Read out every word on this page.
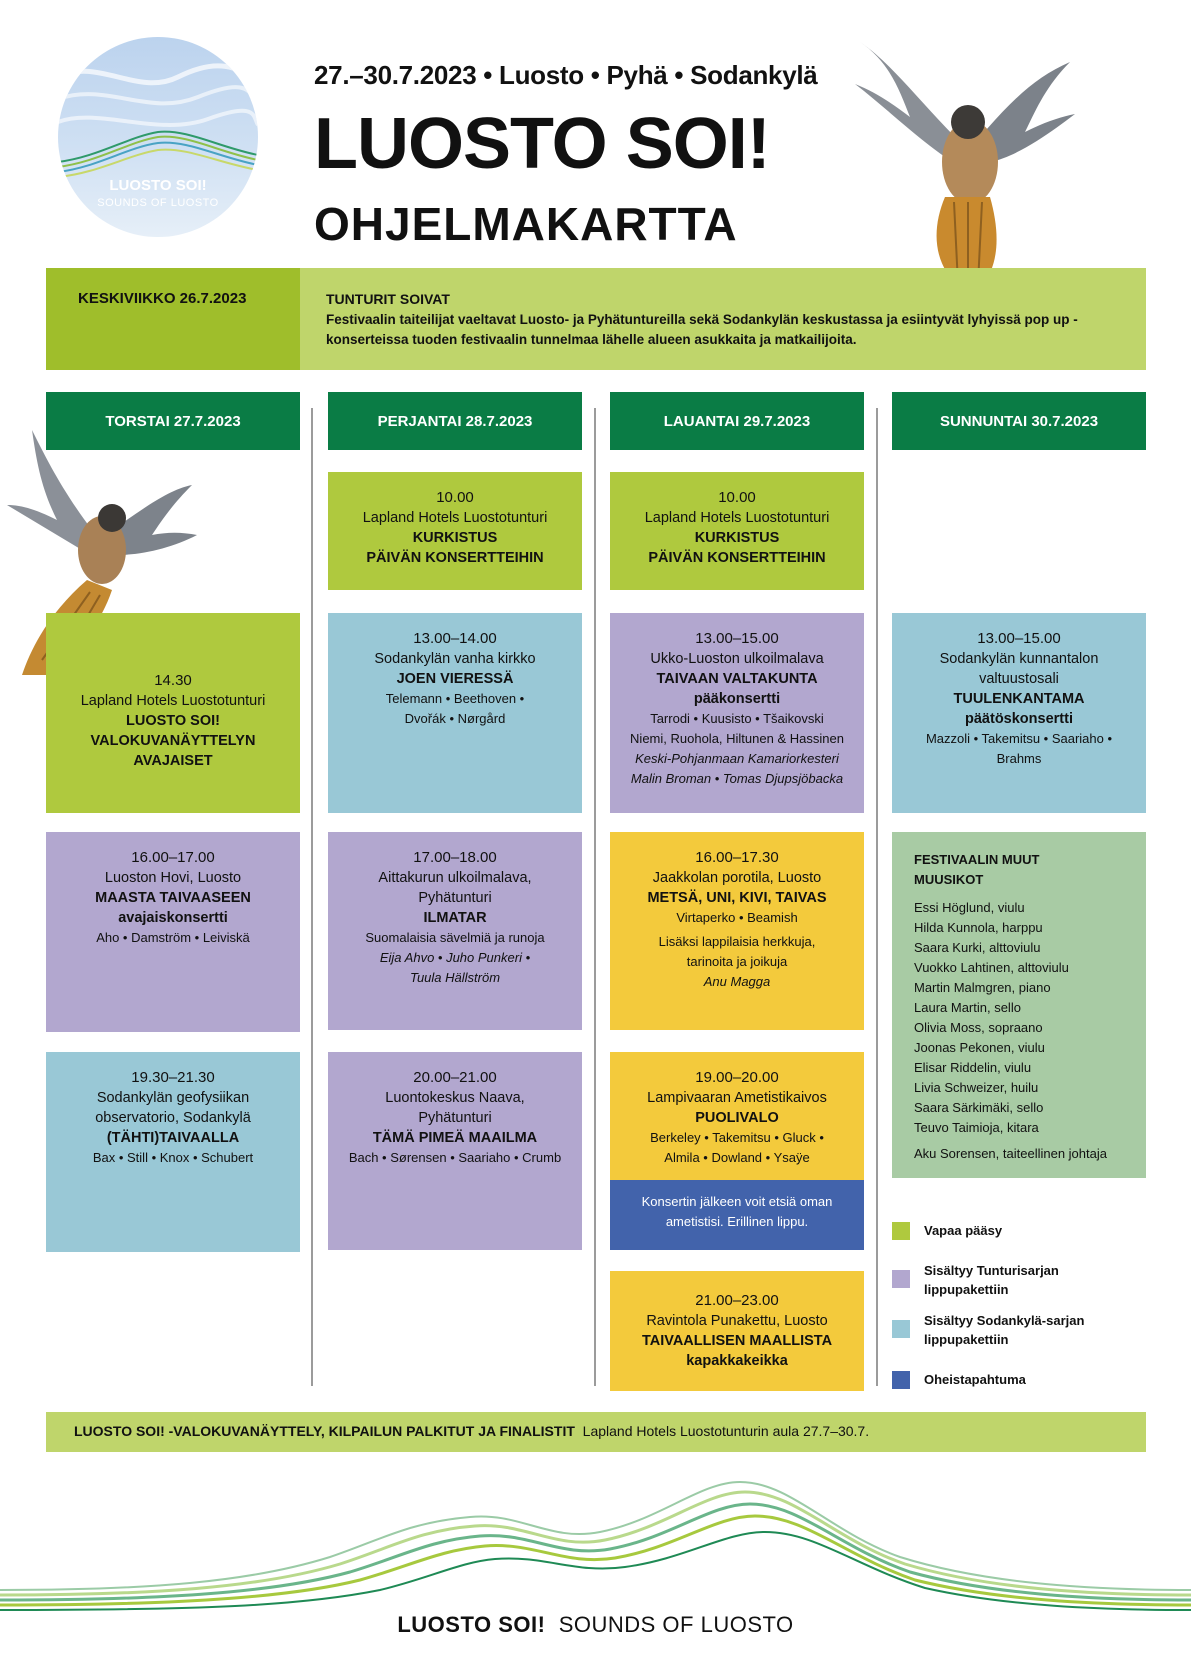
LUOSTO SOI!
SOUNDS OF LUOSTO
27.–30.7.2023 • Luosto • Pyhä • Sodankylä
LUOSTO SOI!
OHJELMAKARTTA
KESKIVIIKKO 26.7.2023	TUNTURIT SOIVAT
Festivaalin taiteilijat vaeltavat Luosto- ja Pyhätuntureilla sekä Sodankylän keskustassa ja esiintyvät lyhyissä pop up -konserteissa tuoden festivaalin tunnelmaa lähelle alueen asukkaita ja matkailijoita.
TORSTAI 27.7.2023	PERJANTAI 28.7.2023	LAUANTAI 29.7.2023	SUNNUNTAI 30.7.2023
14.30
Lapland Hotels Luostotunturi
LUOSTO SOI!
VALOKUVANÄYTTELYN
AVAJAISET
16.00–17.00
Luoston Hovi, Luosto
MAASTA TAIVAASEEN
avajaiskonsertti
Aho • Damström • Leiviskä
19.30–21.30
Sodankylän geofysiikan
observatorio, Sodankylä
(TÄHTI)TAIVAALLA
Bax • Still • Knox • Schubert
10.00
Lapland Hotels Luostotunturi
KURKISTUS
PÄIVÄN KONSERTTEIHIN
13.00–14.00
Sodankylän vanha kirkko
JOEN VIERESSÄ
Telemann • Beethoven •
Dvořák • Nørgård
17.00–18.00
Aittakurun ulkoilmalava,
Pyhätunturi
ILMATAR
Suomalaisia sävelmiä ja runoja
Eija Ahvo • Juho Punkeri •
Tuula Hällström
20.00–21.00
Luontokeskus Naava,
Pyhätunturi
TÄMÄ PIMEÄ MAAILMA
Bach • Sørensen • Saariaho • Crumb
10.00
Lapland Hotels Luostotunturi
KURKISTUS
PÄIVÄN KONSERTTEIHIN
13.00–15.00
Ukko-Luoston ulkoilmalava
TAIVAAN VALTAKUNTA
pääkonsertti
Tarrodi • Kuusisto • Tšaikovski
Niemi, Ruohola, Hiltunen & Hassinen
Keski-Pohjanmaan Kamariorkesteri
Malin Broman • Tomas Djupsjöbacka
16.00–17.30
Jaakkolan porotila, Luosto
METSÄ, UNI, KIVI, TAIVAS
Virtaperko • Beamish
Lisäksi lappilaisia herkkuja,
tarinoita ja joikuja
Anu Magga
19.00–20.00
Lampivaaran Ametistikaivos
PUOLIVALO
Berkeley • Takemitsu • Gluck •
Almila • Dowland • Ysaÿe
Konsertin jälkeen voit etsiä oman
ametistisi. Erillinen lippu.
21.00–23.00
Ravintola Punakettu, Luosto
TAIVAALLISEN MAALLISTA
kapakkakeikka
13.00–15.00
Sodankylän kunnantalon
valtuustosali
TUULENKANTAMA
päätöskonsertti
Mazzoli • Takemitsu • Saariaho •
Brahms
FESTIVAALIN MUUT
MUUSIKOT
Essi Höglund, viulu
Hilda Kunnola, harppu
Saara Kurki, alttoviulu
Vuokko Lahtinen, alttoviulu
Martin Malmgren, piano
Laura Martin, sello
Olivia Moss, sopraano
Joonas Pekonen, viulu
Elisar Riddelin, viulu
Livia Schweizer, huilu
Saara Särkimäki, sello
Teuvo Taimioja, kitara
Aku Sorensen, taiteellinen johtaja
Vapaa pääsy
Sisältyy Tunturisarjan
lippupakettiin
Sisältyy Sodankylä-sarjan
lippupakettiin
Oheistapahtuma
LUOSTO SOI! -VALOKUVANÄYTTELY, KILPAILUN PALKITUT JA FINALISTIT Lapland Hotels Luostotunturin aula 27.7–30.7.
LUOSTO SOI! SOUNDS OF LUOSTO
